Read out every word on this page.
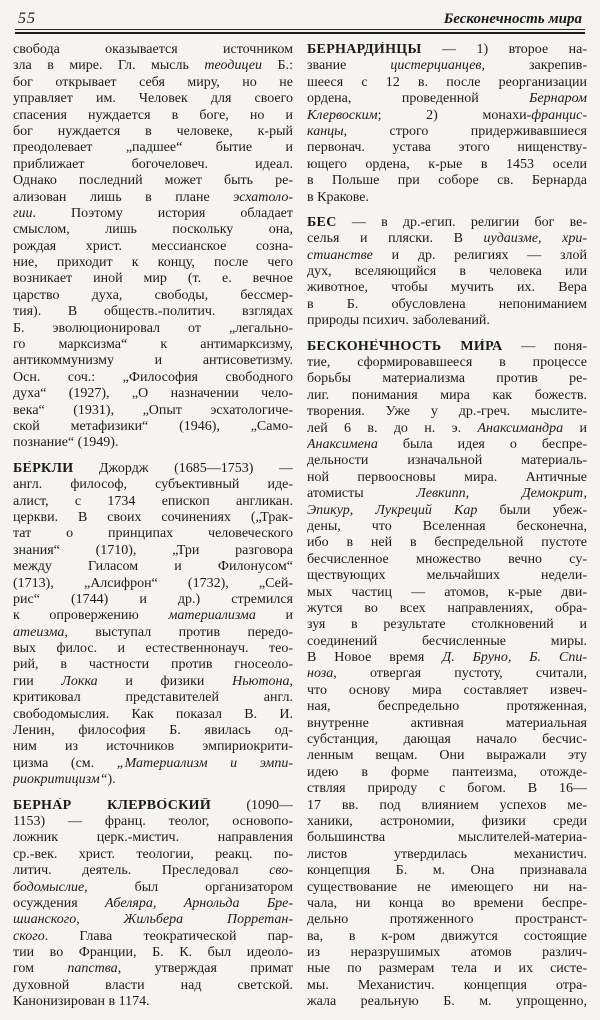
55	Бесконечность мира
свобода оказывается источником
зла в мире. Гл. мысль теодицеи Б.:
бог открывает себя миру, но не
управляет им. Человек для своего
спасения нуждается в боге, но и
бог нуждается в человеке, к-рый
преодолевает „падшее“ бытие и
приближает богочеловеч. идеал.
Однако последний может быть ре-
ализован лишь в плане эсхатоло-
гии. Поэтому история обладает
смыслом, лишь поскольку она,
рождая христ. мессианское созна-
ние, приходит к концу, после чего
возникает иной мир (т. е. вечное
царство духа, свободы, бессмер-
тия). В обществ.-политич. взглядах
Б. эволюционировал от „легально-
го марксизма“ к антимарксизму,
антикоммунизму и антисоветизму.
Осн. соч.: „Философия свободного
духа“ (1927), „О назначении чело-
века“ (1931), „Опыт эсхатологиче-
ской метафизики“ (1946), „Само-
познание“ (1949).
БЕ́РКЛИ Джордж (1685—1753) —
англ. философ, субъективный иде-
алист, с 1734 епископ англикан.
церкви. В своих сочинениях („Трак-
тат о принципах человеческого
знания“ (1710), „Три разговора
между Гиласом и Филонусом“
(1713), „Алсифрон“ (1732), „Сей-
рис“ (1744) и др.) стремился
к опровержению материализма и
атеизма, выступал против передо-
вых филос. и естественнонауч. тео-
рий, в частности против гносеоло-
гии Локка и физики Ньютона,
критиковал представителей англ.
свободомыслия. Как показал В. И.
Ленин, философия Б. явилась од-
ним из источников эмпириокрити-
цизма (см. „Материализм и эмпи-
риокритицизм“).
БЕРНА́Р КЛЕРВО́СКИЙ (1090—
1153) — франц. теолог, основопо-
ложник церк.-мистич. направления
ср.-век. христ. теологии, реакц. по-
литич. деятель. Преследовал сво-
бодомыслие, был организатором
осуждения Абеляра, Арнольда Бре-
шианского, Жильбера Порретан-
ского. Глава теократической пар-
тии во Франции, Б. К. был идеоло-
гом папства, утверждая примат
духовной власти над светской.
Канонизирован в 1174.
БЕРНАРДИ́НЦЫ — 1) второе на-
звание цистерцианцев, закрепив-
шееся с 12 в. после реорганизации
ордена, проведенной Бернаром
Клервоским; 2) монахи-францис-
канцы, строго придерживавшиеся
первонач. устава этого нищенству-
ющего ордена, к-рые в 1453 осели
в Польше при соборе св. Бернарда
в Кракове.
БЕС — в др.-егип. религии бог ве-
селья и пляски. В иудаизме, хри-
стианстве и др. религиях — злой
дух, вселяющийся в человека или
животное, чтобы мучить их. Вера
в Б. обусловлена непониманием
природы психич. заболеваний.
БЕСКОНЕ́ЧНОСТЬ МИ́РА — поня-
тие, сформировавшееся в процессе
борьбы материализма против ре-
лиг. понимания мира как божеств.
творения. Уже у др.-греч. мыслите-
лей 6 в. до н. э. Анаксимандра и
Анаксимена была идея о беспре-
дельности изначальной материаль-
ной первоосновы мира. Античные
атомисты Левкипп, Демокрит,
Эпикур, Лукреций Кар были убеж-
дены, что Вселенная бесконечна,
ибо в ней в беспредельной пустоте
бесчисленное множество вечно су-
ществующих мельчайших недели-
мых частиц — атомов, к-рые дви-
жутся во всех направлениях, обра-
зуя в результате столкновений и
соединений бесчисленные миры.
В Новое время Д. Бруно, Б. Спи-
ноза, отвергая пустоту, считали,
что основу мира составляет извеч-
ная, беспредельно протяженная,
внутренне активная материальная
субстанция, дающая начало бесчис-
ленным вещам. Они выражали эту
идею в форме пантеизма, отожде-
ствляя природу с богом. В 16—
17 вв. под влиянием успехов ме-
ханики, астрономии, физики среди
большинства мыслителей-материа-
листов утвердилась механистич.
концепция Б. м. Она признавала
существование не имеющего ни на-
чала, ни конца во времени беспре-
дельно протяженного пространст-
ва, в к-ром движутся состоящие
из неразрушимых атомов различ-
ные по размерам тела и их систе-
мы. Механистич. концепция отра-
жала реальную Б. м. упрощенно,
